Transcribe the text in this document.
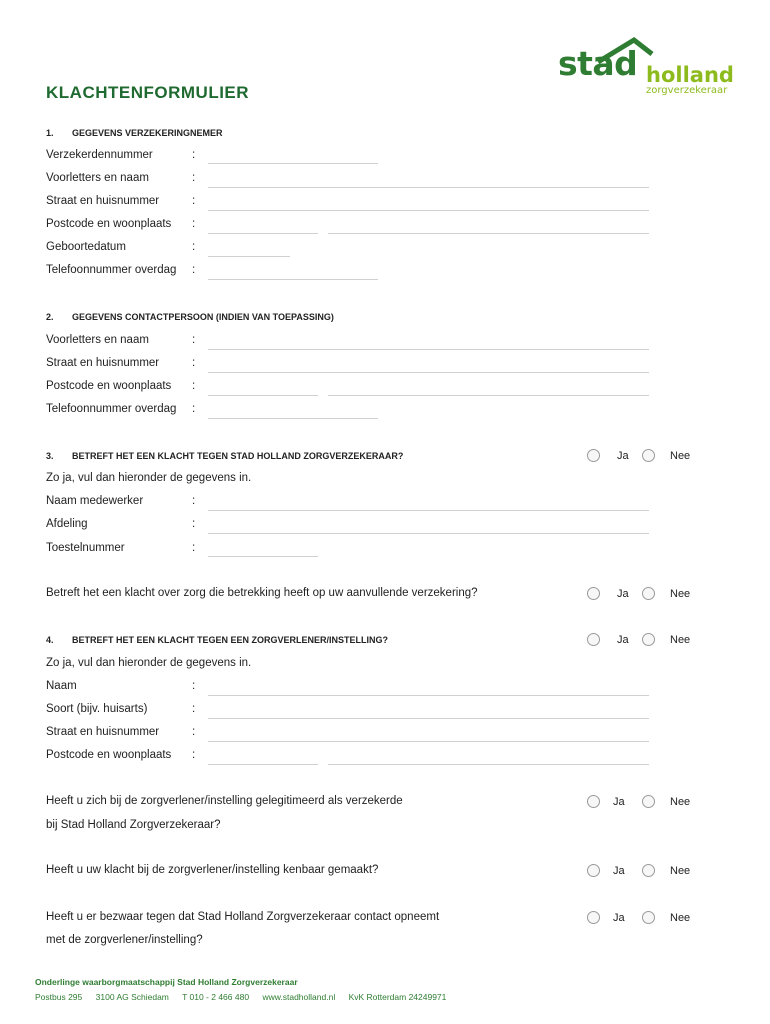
stad holland
zorgverzekeraar
KLACHTENFORMULIER
1. GEGEVENS VERZEKERINGNEMER
Verzekerdennummer	:
Voorletters en naam	:
Straat en huisnummer	:
Postcode en woonplaats :
Geboortedatum	:
Telefoonnummer overdag :
2. GEGEVENS CONTACTPERSOON (INDIEN VAN TOEPASSING)
Voorletters en naam	:
Straat en huisnummer	:
Postcode en woonplaats :
Telefoonnummer overdag :
3. BETREFT HET EEN KLACHT TEGEN STAD HOLLAND ZORGVERZEKERAAR?	Ja	Nee
Zo ja, vul dan hieronder de gegevens in.
Naam medewerker	:
Afdeling	:
Toestelnummer	:
Betreft het een klacht over zorg die betrekking heeft op uw aanvullende verzekering?	Ja	Nee
4. BETREFT HET EEN KLACHT TEGEN EEN ZORGVERLENER/INSTELLING?	Ja	Nee
Zo ja, vul dan hieronder de gegevens in.
Naam	:
Soort (bijv. huisarts)	:
Straat en huisnummer	:
Postcode en woonplaats :
Heeft u zich bij de zorgverlener/instelling gelegitimeerd als verzekerde
bij Stad Holland Zorgverzekeraar?
Ja	Nee
Heeft u uw klacht bij de zorgverlener/instelling kenbaar gemaakt?	Ja	Nee
Heeft u er bezwaar tegen dat Stad Holland Zorgverzekeraar contact opneemt
met de zorgverlener/instelling?
Ja	Nee
Onderlinge waarborgmaatschappij Stad Holland Zorgverzekeraar
Postbus 295 3100 AG Schiedam T 010 - 2 466 480 www.stadholland.nl KvK Rotterdam 24249971
